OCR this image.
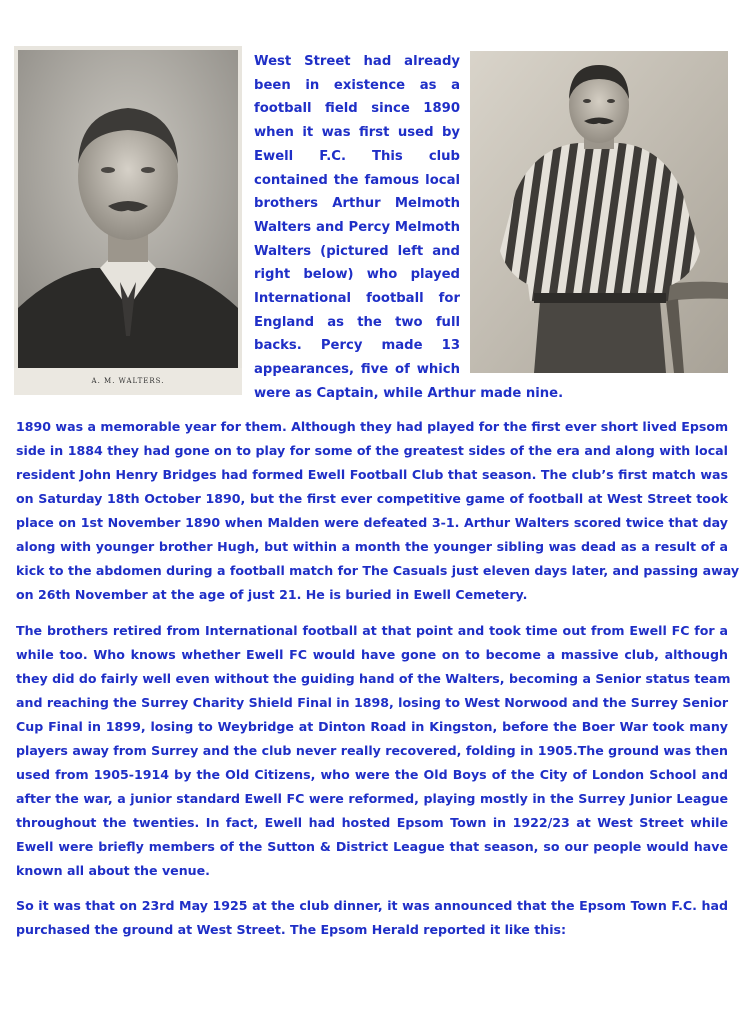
A. M. WALTERS.

West Street had already
been in existence as a
football field since 1890
when it was first used by
Ewell F.C. This club
contained the famous local
brothers Arthur Melmoth
Walters and Percy Melmoth
Walters (pictured left and
right below) who played
International football for
England as the two full
backs. Percy made 13
appearances, five of which
were as Captain, while Arthur made nine.

1890 was a memorable year for them. Although they had played for the first ever short lived Epsom
side in 1884 they had gone on to play for some of the greatest sides of the era and along with local
resident John Henry Bridges had formed Ewell Football Club that season. The club’s first match was
on Saturday 18th October 1890, but the first ever competitive game of football at West Street took
place on 1st November 1890 when Malden were defeated 3-1. Arthur Walters scored twice that day
along with younger brother Hugh, but within a month the younger sibling was dead as a result of a
kick to the abdomen during a football match for The Casuals just eleven days later, and passing away
on 26th November at the age of just 21. He is buried in Ewell Cemetery.

The brothers retired from International football at that point and took time out from Ewell FC for a
while too. Who knows whether Ewell FC would have gone on to become a massive club, although
they did do fairly well even without the guiding hand of the Walters, becoming a Senior status team
and reaching the Surrey Charity Shield Final in 1898, losing to West Norwood and the Surrey Senior
Cup Final in 1899, losing to Weybridge at Dinton Road in Kingston, before the Boer War took many
players away from Surrey and the club never really recovered, folding in 1905.The ground was then
used from 1905-1914 by the Old Citizens, who were the Old Boys of the City of London School and
after the war, a junior standard Ewell FC were reformed, playing mostly in the Surrey Junior League
throughout the twenties. In fact, Ewell had hosted Epsom Town in 1922/23 at West Street while
Ewell were briefly members of the Sutton & District League that season, so our people would have
known all about the venue.

So it was that on 23rd May 1925 at the club dinner, it was announced that the Epsom Town F.C. had
purchased the ground at West Street. The Epsom Herald reported it like this:
